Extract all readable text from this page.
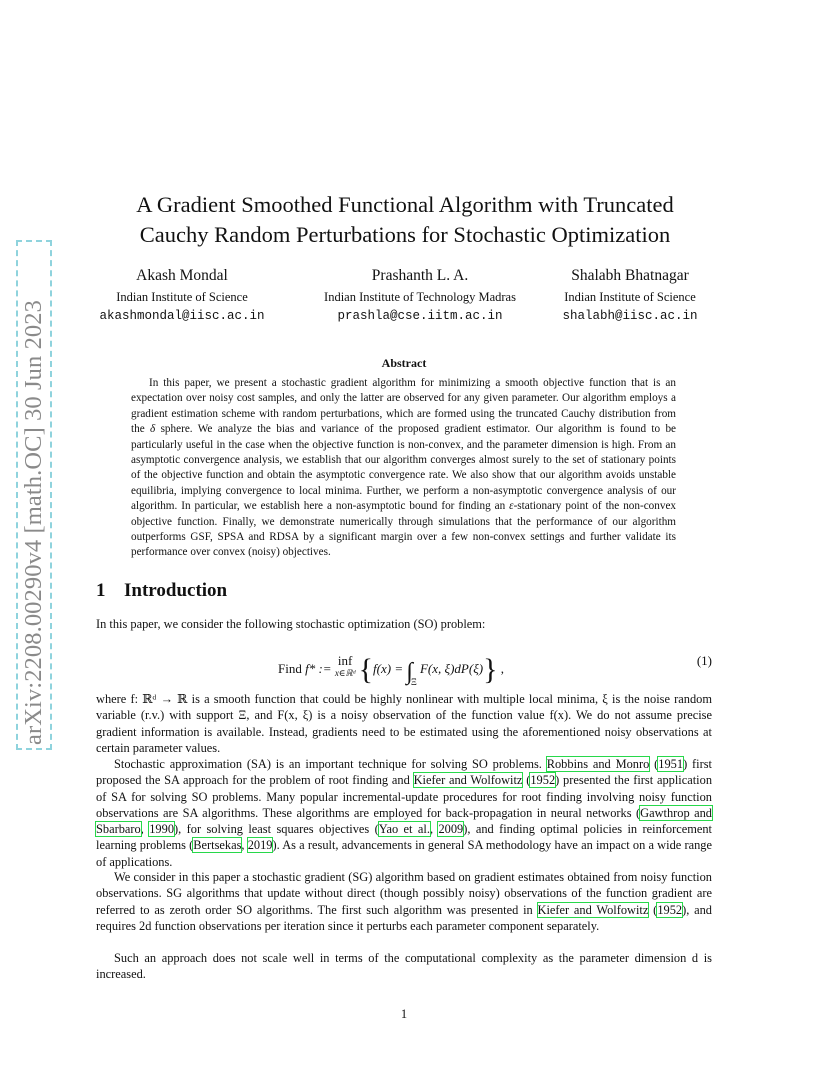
arXiv:2208.00290v4 [math.OC] 30 Jun 2023
A Gradient Smoothed Functional Algorithm with Truncated
Cauchy Random Perturbations for Stochastic Optimization
Akash Mondal
Indian Institute of Science
akashmondal@iisc.ac.in
Prashanth L. A.
Indian Institute of Technology Madras
prashla@cse.iitm.ac.in
Shalabh Bhatnagar
Indian Institute of Science
shalabh@iisc.ac.in
Abstract
In this paper, we present a stochastic gradient algorithm for minimizing a smooth objective function that is an expectation over noisy cost samples, and only the latter are observed for any given parameter. Our algorithm employs a gradient estimation scheme with random perturbations, which are formed using the truncated Cauchy distribution from the δ sphere. We analyze the bias and variance of the proposed gradient estimator. Our algorithm is found to be particularly useful in the case when the objective function is non-convex, and the parameter dimension is high. From an asymptotic convergence analysis, we establish that our algorithm converges almost surely to the set of stationary points of the objective function and obtain the asymptotic convergence rate. We also show that our algorithm avoids unstable equilibria, implying convergence to local minima. Further, we perform a non-asymptotic convergence analysis of our algorithm. In particular, we establish here a non-asymptotic bound for finding an ε-stationary point of the non-convex objective function. Finally, we demonstrate numerically through simulations that the performance of our algorithm outperforms GSF, SPSA and RDSA by a significant margin over a few non-convex settings and further validate its performance over convex (noisy) objectives.
1 Introduction
In this paper, we consider the following stochastic optimization (SO) problem:
Find f* := inf
x∈ℝᵈ {$f(x) = \int_\Xi$ F(x, ξ)dP(ξ)} ,
(1)
where f: ℝᵈ → ℝ is a smooth function that could be highly nonlinear with multiple local minima, ξ is the noise random variable (r.v.) with support Ξ, and F(x, ξ) is a noisy observation of the function value f(x). We do not assume precise gradient information is available. Instead, gradients need to be estimated using the aforementioned noisy observations at certain parameter values.
Stochastic approximation (SA) is an important technique for solving SO problems. Robbins and Monro (1951) first proposed the SA approach for the problem of root finding and Kiefer and Wolfowitz (1952) presented the first application of SA for solving SO problems. Many popular incremental-update procedures for root finding involving noisy function observations are SA algorithms. These algorithms are employed for back-propagation in neural networks (Gawthrop and Sbarbaro, 1990), for solving least squares objectives (Yao et al., 2009), and finding optimal policies in reinforcement learning problems (Bertsekas, 2019). As a result, advancements in general SA methodology have an impact on a wide range of applications.
We consider in this paper a stochastic gradient (SG) algorithm based on gradient estimates obtained from noisy function observations. SG algorithms that update without direct (though possibly noisy) observations of the function gradient are referred to as zeroth order SO algorithms. The first such algorithm was presented in Kiefer and Wolfowitz (1952), and requires 2d function observations per iteration since it perturbs each parameter component separately.
Such an approach does not scale well in terms of the computational complexity as the parameter dimension d is increased.
1
